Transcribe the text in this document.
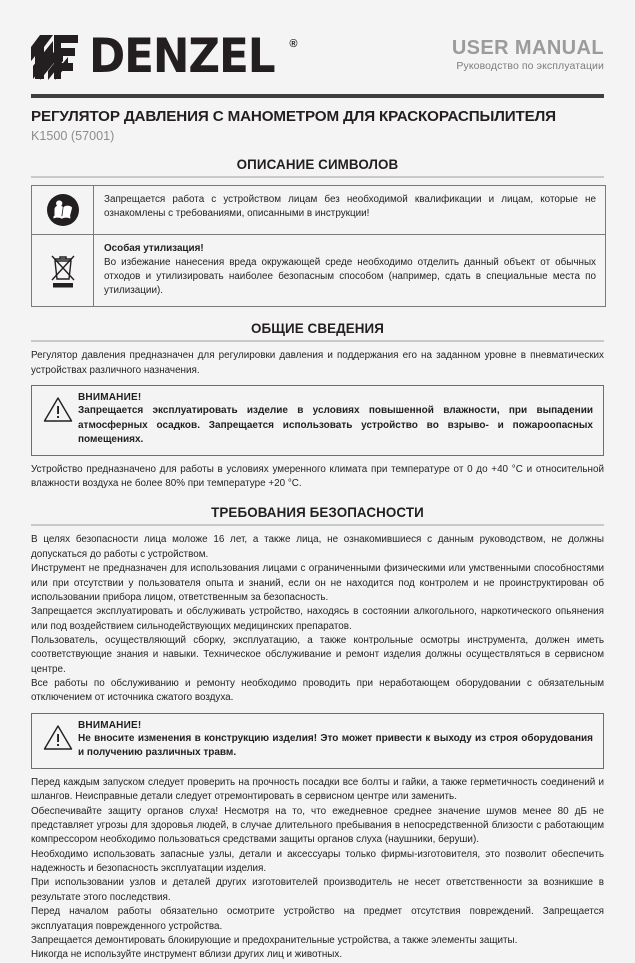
DENZEL ®	USER MANUAL
Руководство по эксплуатации
РЕГУЛЯТОР ДАВЛЕНИЯ С МАНОМЕТРОМ ДЛЯ КРАСКОРАСПЫЛИТЕЛЯ
K1500 (57001)
ОПИСАНИЕ СИМВОЛОВ
Запрещается работа с устройством лицам без необходимой квалификации и лицам, которые не ознакомлены с требованиями, описанными в инструкции!
Особая утилизация!
Во избежание нанесения вреда окружающей среде необходимо отделить данный объект от обычных отходов и утилизировать наиболее безопасным способом (например, сдать в специальные места по утилизации).
ОБЩИЕ СВЕДЕНИЯ

Регулятор давления предназначен для регулировки давления и поддержания его на заданном уровне в пневматических устройствах различного назначения.

ВНИМАНИЕ!
Запрещается эксплуатировать изделие в условиях повышенной влажности, при выпадении атмосферных осадков. Запрещается использовать устройство во взрыво- и пожароопасных помещениях.

Устройство предназначено для работы в условиях умеренного климата при температуре от 0 до +40 °C и относительной влажности воздуха не более 80% при температуре +20 °C.

ТРЕБОВАНИЯ БЕЗОПАСНОСТИ

В целях безопасности лица моложе 16 лет, а также лица, не ознакомившиеся с данным руководством, не должны допускаться до работы с устройством.

Инструмент не предназначен для использования лицами с ограниченными физическими или умственными способностями или при отсутствии у пользователя опыта и знаний, если он не находится под контролем и не проинструктирован об использовании прибора лицом, ответственным за безопасность.

Запрещается эксплуатировать и обслуживать устройство, находясь в состоянии алкогольного, наркотического опьянения или под воздействием сильнодействующих медицинских препаратов.

Пользователь, осуществляющий сборку, эксплуатацию, а также контрольные осмотры инструмента, должен иметь соответствующие знания и навыки. Техническое обслуживание и ремонт изделия должны осуществляться в сервисном центре.

Все работы по обслуживанию и ремонту необходимо проводить при неработающем оборудовании с обязательным отключением от источника сжатого воздуха.

ВНИМАНИЕ!
Не вносите изменения в конструкцию изделия! Это может привести к выходу из строя оборудования и получению различных травм.

Перед каждым запуском следует проверить на прочность посадки все болты и гайки, а также герметичность соединений и шлангов. Неисправные детали следует отремонтировать в сервисном центре или заменить.

Обеспечивайте защиту органов слуха! Несмотря на то, что ежедневное среднее значение шумов менее 80 дБ не представляет угрозы для здоровья людей, в случае длительного пребывания в непосредственной близости с работающим компрессором необходимо пользоваться средствами защиты органов слуха (наушники, беруши).

Необходимо использовать запасные узлы, детали и аксессуары только фирмы-изготовителя, это позволит обеспечить надежность и безопасность эксплуатации изделия.

При использовании узлов и деталей других изготовителей производитель не несет ответственности за возникшие в результате этого последствия.

Перед началом работы обязательно осмотрите устройство на предмет отсутствия повреждений. Запрещается эксплуатация поврежденного устройства.

Запрещается демонтировать блокирующие и предохранительные устройства, а также элементы защиты.

Никогда не используйте инструмент вблизи других лиц и животных.
